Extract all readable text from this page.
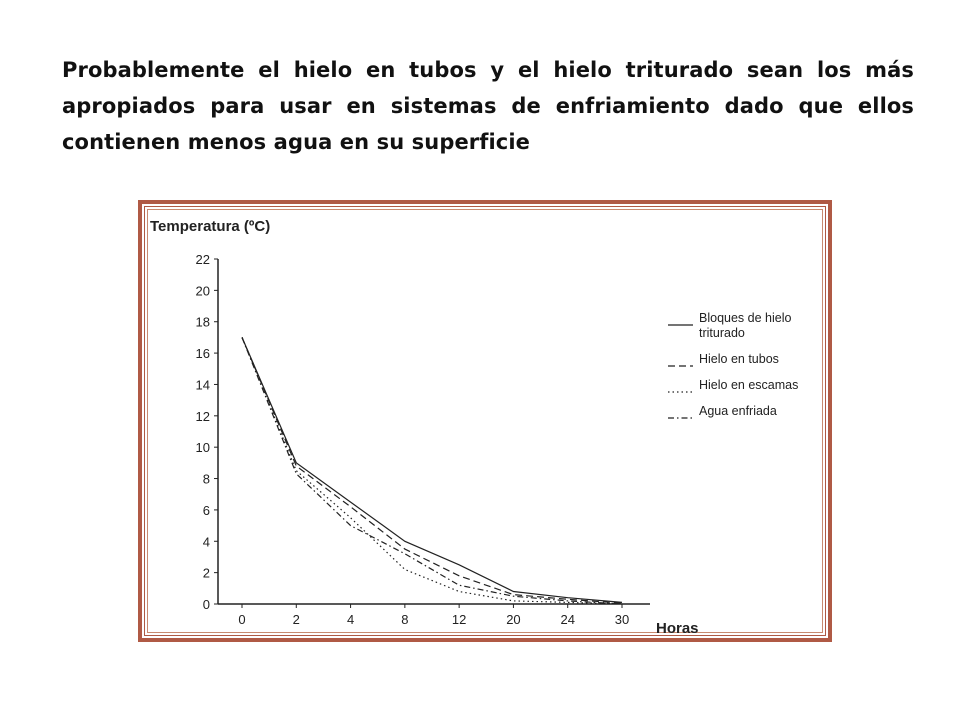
Probablemente el hielo en tubos y el hielo triturado sean los más apropiados para usar en sistemas de enfriamiento dado que ellos contienen menos agua en su superficie
Temperatura (ºC)
0
2
4
6
8
10
12
14
16
18
20
22
0	2	4	8	12	20	24	30
Bloques de hielo triturado
Hielo en tubos
Hielo en escamas
Agua enfriada
Horas
